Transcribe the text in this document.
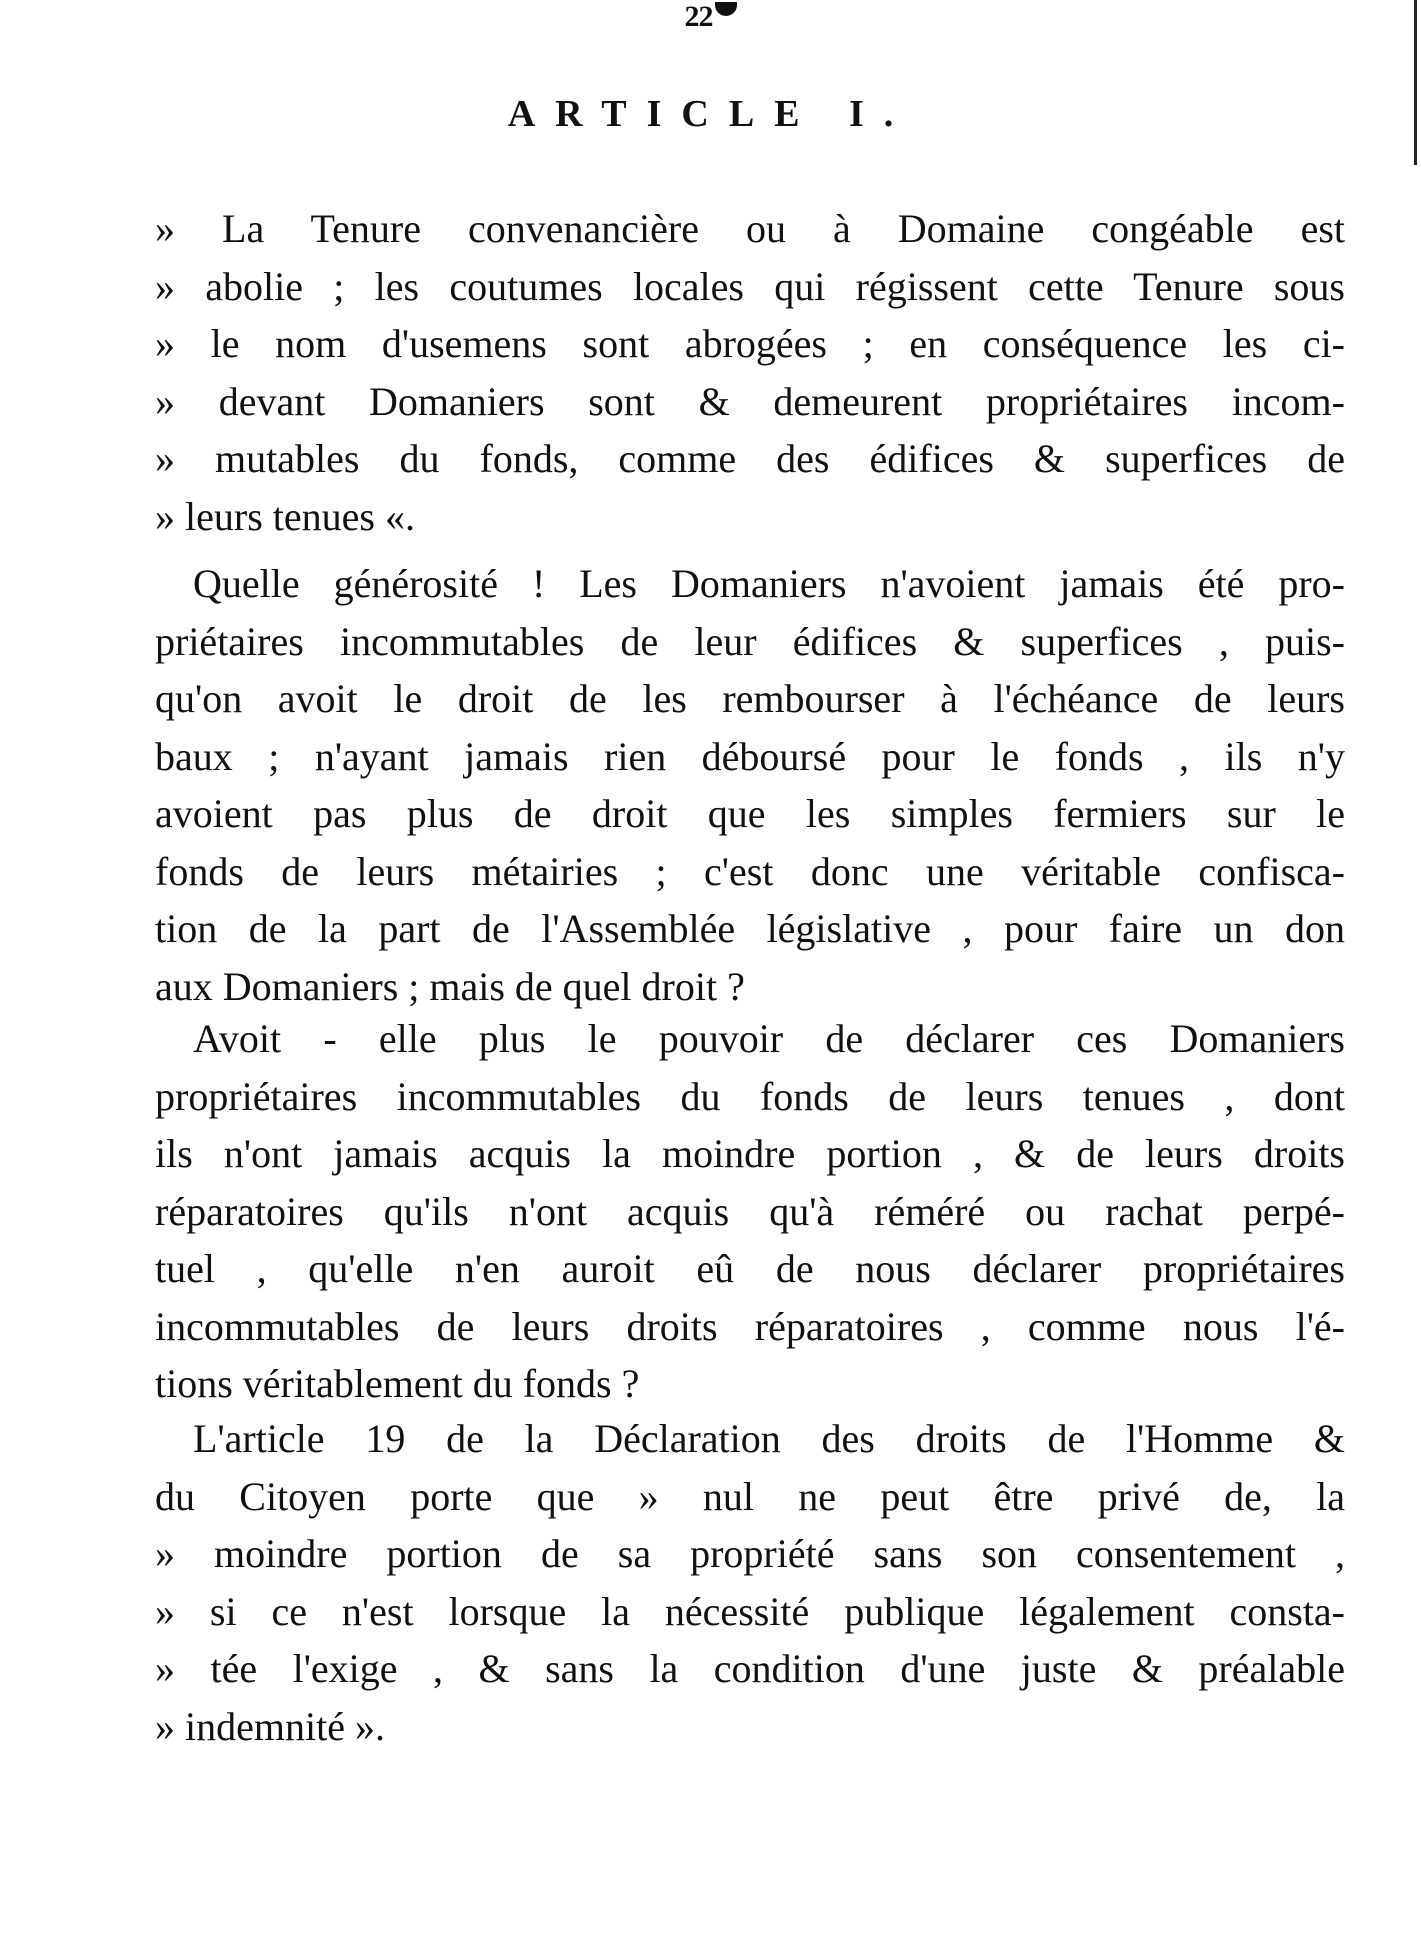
22
ARTICLE I.
» La Tenure convenancière ou à Domaine congéable est
» abolie ; les coutumes locales qui régissent cette Tenure sous
» le nom d'usemens sont abrogées ; en conséquence les ci-
» devant Domaniers sont & demeurent propriétaires incom-
» mutables du fonds, comme des édifices & superfices de
» leurs tenues «.
Quelle générosité ! Les Domaniers n'avoient jamais été pro-
priétaires incommutables de leur édifices & superfices , puis-
qu'on avoit le droit de les rembourser à l'échéance de leurs
baux ; n'ayant jamais rien déboursé pour le fonds , ils n'y
avoient pas plus de droit que les simples fermiers sur le
fonds de leurs métairies ; c'est donc une véritable confisca-
tion de la part de l'Assemblée législative , pour faire un don
aux Domaniers ; mais de quel droit ?
Avoit - elle plus le pouvoir de déclarer ces Domaniers
propriétaires incommutables du fonds de leurs tenues , dont
ils n'ont jamais acquis la moindre portion , & de leurs droits
réparatoires qu'ils n'ont acquis qu'à réméré ou rachat perpé-
tuel , qu'elle n'en auroit eû de nous déclarer propriétaires
incommutables de leurs droits réparatoires , comme nous l'é-
tions véritablement du fonds ?
L'article 19 de la Déclaration des droits de l'Homme &
du Citoyen porte que » nul ne peut être privé de, la
» moindre portion de sa propriété sans son consentement ,
» si ce n'est lorsque la nécessité publique légalement consta-
» tée l'exige , & sans la condition d'une juste & préalable
» indemnité ».
